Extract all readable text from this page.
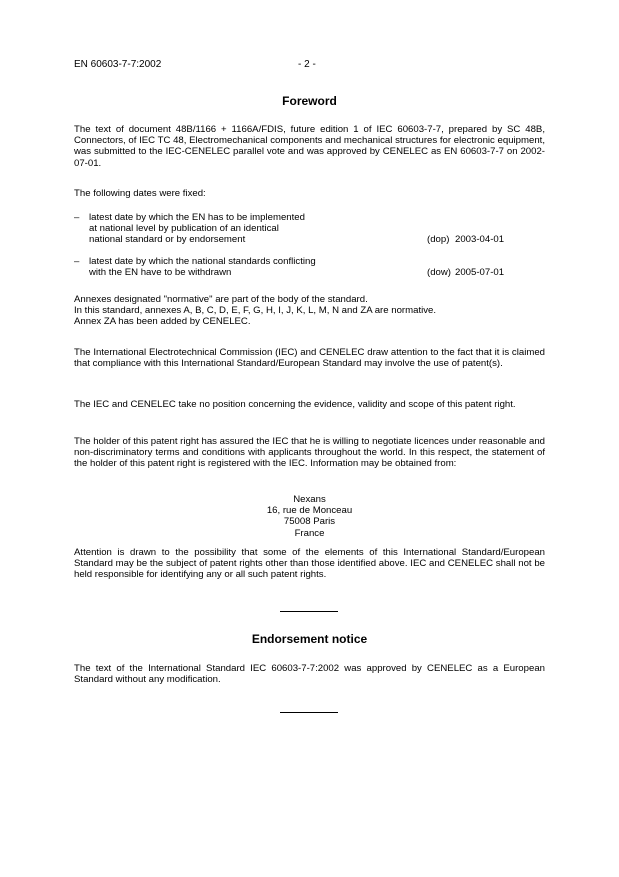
EN 60603-7-7:2002	- 2 -
Foreword
The text of document 48B/1166 + 1166A/FDIS, future edition 1 of IEC 60603-7-7, prepared by SC 48B, Connectors, of IEC TC 48, Electromechanical components and mechanical structures for electronic equipment, was submitted to the IEC-CENELEC parallel vote and was approved by CENELEC as EN 60603-7-7 on 2002-07-01.
The following dates were fixed:
– latest date by which the EN has to be implemented
at national level by publication of an identical
national standard or by endorsement	(dop) 2003-04-01
– latest date by which the national standards conflicting
with the EN have to be withdrawn	(dow) 2005-07-01
Annexes designated "normative" are part of the body of the standard.
In this standard, annexes A, B, C, D, E, F, G, H, I, J, K, L, M, N and ZA are normative.
Annex ZA has been added by CENELEC.
The International Electrotechnical Commission (IEC) and CENELEC draw attention to the fact that it is claimed that compliance with this International Standard/European Standard may involve the use of patent(s).
The IEC and CENELEC take no position concerning the evidence, validity and scope of this patent right.
The holder of this patent right has assured the IEC that he is willing to negotiate licences under reasonable and non-discriminatory terms and conditions with applicants throughout the world. In this respect, the statement of the holder of this patent right is registered with the IEC. Information may be obtained from:
Nexans
16, rue de Monceau
75008 Paris
France
Attention is drawn to the possibility that some of the elements of this International Standard/European Standard may be the subject of patent rights other than those identified above. IEC and CENELEC shall not be held responsible for identifying any or all such patent rights.
Endorsement notice
The text of the International Standard IEC 60603-7-7:2002 was approved by CENELEC as a European Standard without any modification.
